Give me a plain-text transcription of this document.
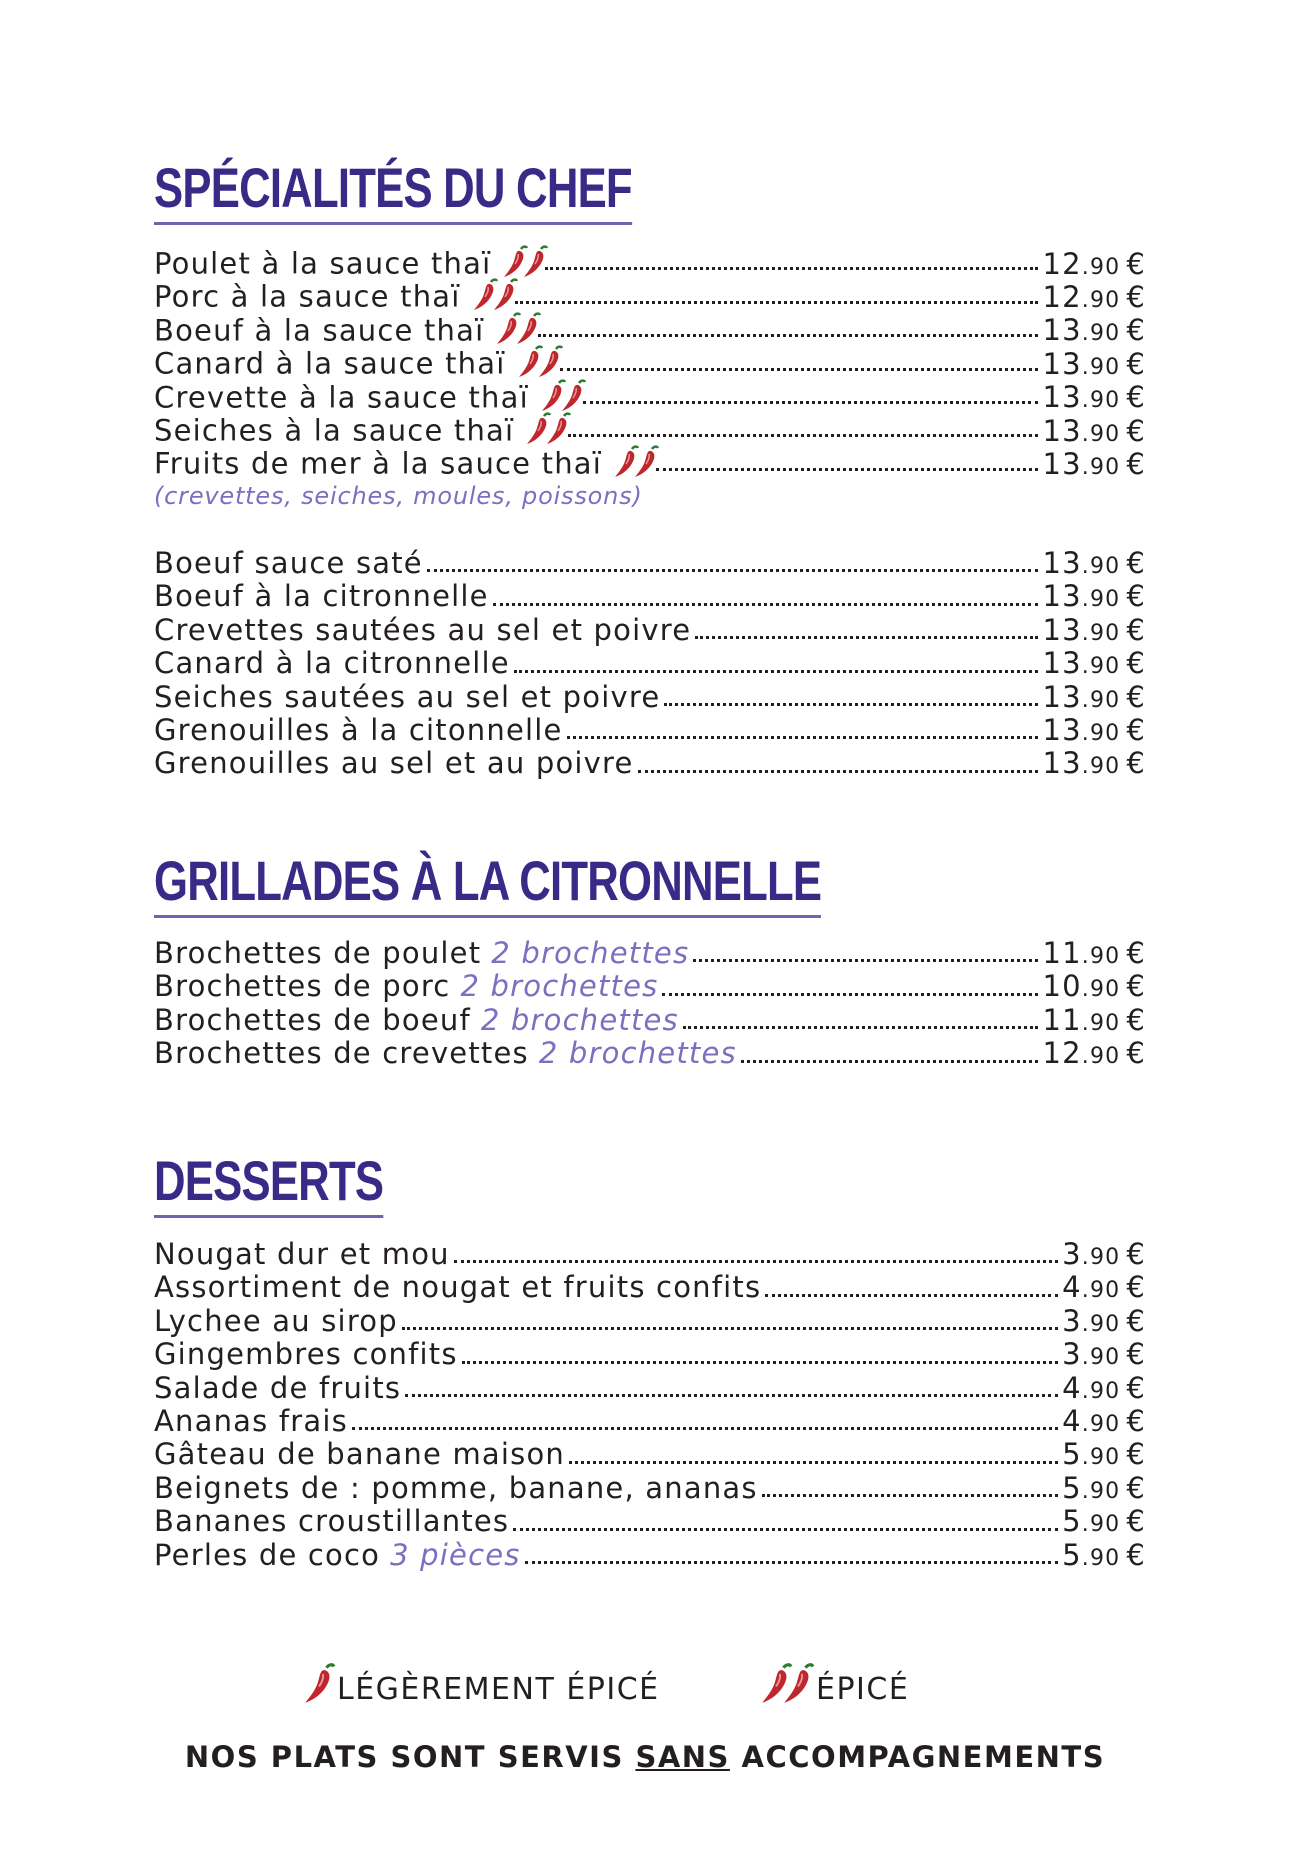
SPÉCIALITÉS DU CHEF
Poulet à la sauce thaï	12.90 €
Porc à la sauce thaï	12.90 €
Boeuf à la sauce thaï	13.90 €
Canard à la sauce thaï	13.90 €
Crevette à la sauce thaï	13.90 €
Seiches à la sauce thaï	13.90 €
Fruits de mer à la sauce thaï	13.90 €
(crevettes, seiches, moules, poissons)
Boeuf sauce saté	13.90 €
Boeuf à la citronnelle	13.90 €
Crevettes sautées au sel et poivre	13.90 €
Canard à la citronnelle	13.90 €
Seiches sautées au sel et poivre	13.90 €
Grenouilles à la citonnelle	13.90 €
Grenouilles au sel et au poivre	13.90 €
GRILLADES À LA CITRONNELLE
Brochettes de poulet 2 brochettes	11.90 €
Brochettes de porc 2 brochettes	10.90 €
Brochettes de boeuf 2 brochettes	11.90 €
Brochettes de crevettes 2 brochettes	12.90 €
DESSERTS
Nougat dur et mou	3.90 €
Assortiment de nougat et fruits confits	4.90 €
Lychee au sirop	3.90 €
Gingembres confits	3.90 €
Salade de fruits	4.90 €
Ananas frais	4.90 €
Gâteau de banane maison	5.90 €
Beignets de : pomme, banane, ananas	5.90 €
Bananes croustillantes	5.90 €
Perles de coco 3 pièces	5.90 €
LÉGÈREMENT ÉPICÉ	ÉPICÉ
NOS PLATS SONT SERVIS SANS ACCOMPAGNEMENTS
